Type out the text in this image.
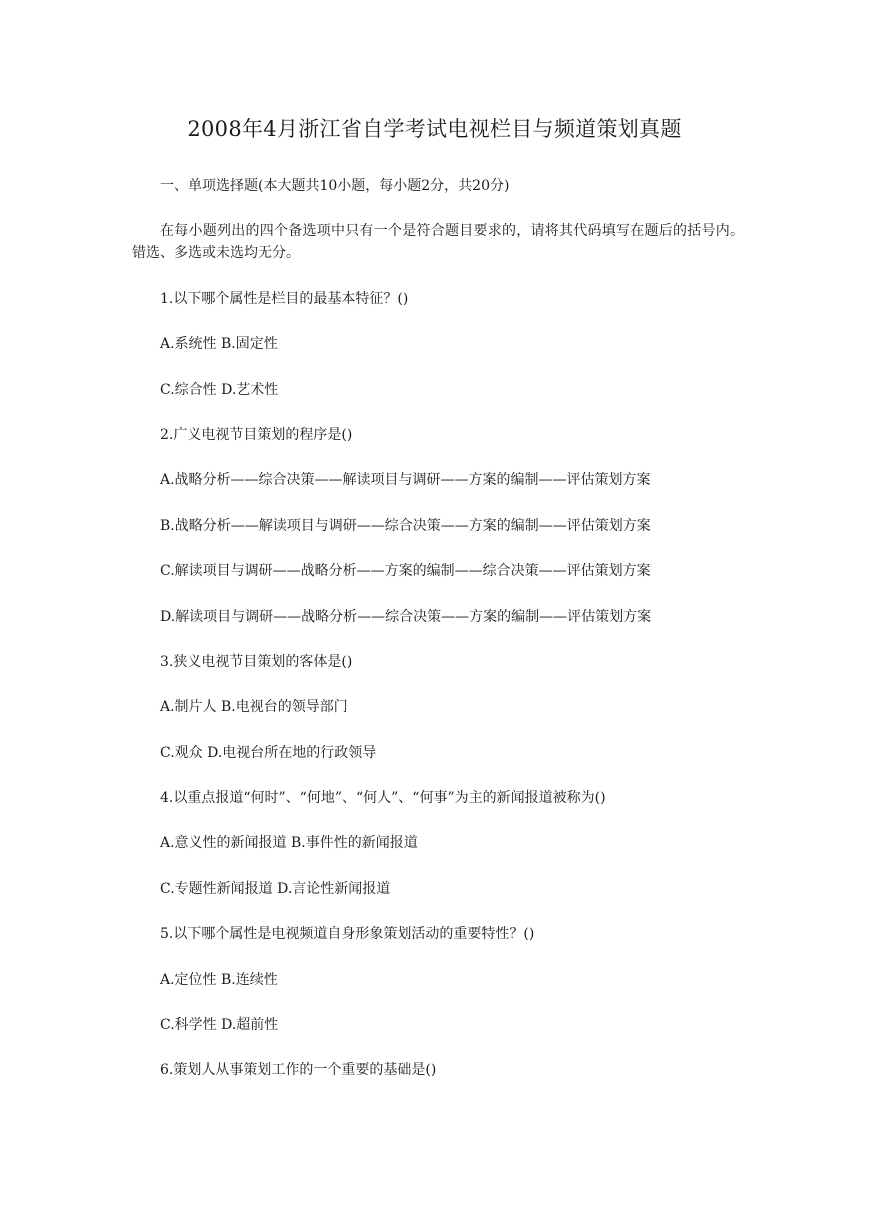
2008年4月浙江省自学考试电视栏目与频道策划真题

一、单项选择题(本大题共10小题，每小题2分，共20分)

在每小题列出的四个备选项中只有一个是符合题目要求的，请将其代码填写在题后的括号内。错选、多选或未选均无分。

1.以下哪个属性是栏目的最基本特征？()

A.系统性 B.固定性

C.综合性 D.艺术性

2.广义电视节目策划的程序是()

A.战略分析——综合决策——解读项目与调研——方案的编制——评估策划方案

B.战略分析——解读项目与调研——综合决策——方案的编制——评估策划方案

C.解读项目与调研——战略分析——方案的编制——综合决策——评估策划方案

D.解读项目与调研——战略分析——综合决策——方案的编制——评估策划方案

3.狭义电视节目策划的客体是()

A.制片人 B.电视台的领导部门

C.观众 D.电视台所在地的行政领导

4.以重点报道“何时”、“何地”、“何人”、“何事”为主的新闻报道被称为()

A.意义性的新闻报道 B.事件性的新闻报道

C.专题性新闻报道 D.言论性新闻报道

5.以下哪个属性是电视频道自身形象策划活动的重要特性？()

A.定位性 B.连续性

C.科学性 D.超前性

6.策划人从事策划工作的一个重要的基础是()
